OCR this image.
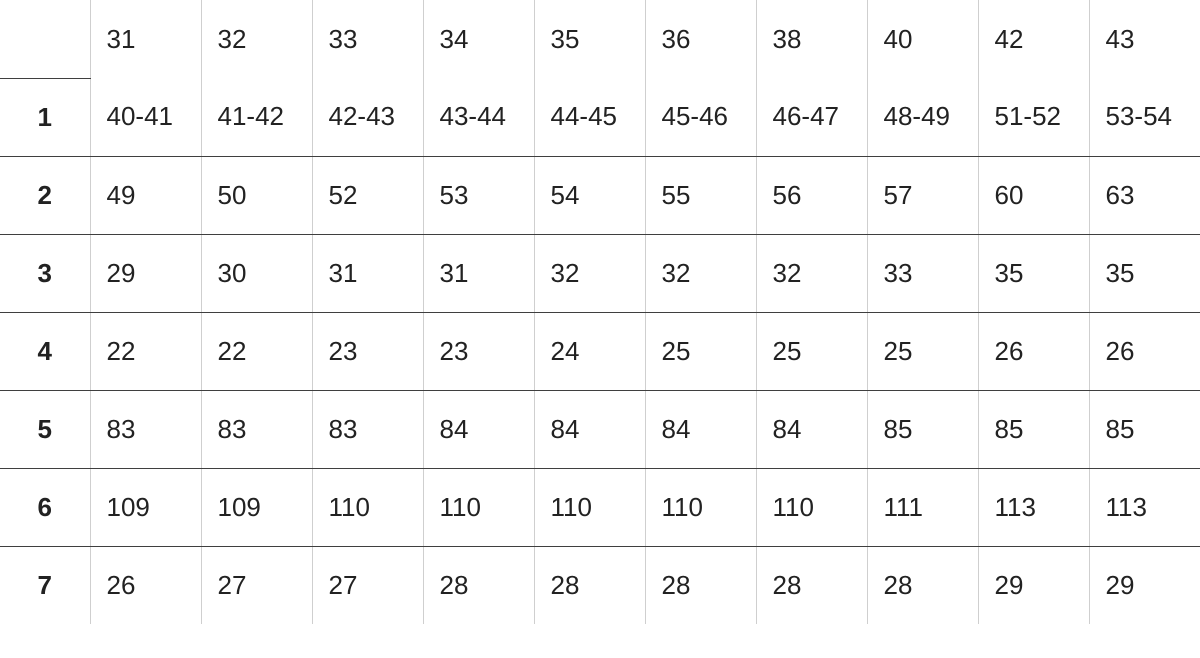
	31	32	33	34	35	36	38	40	42	43
1	40-41	41-42	42-43	43-44	44-45	45-46	46-47	48-49	51-52	53-54
2	49	50	52	53	54	55	56	57	60	63
3	29	30	31	31	32	32	32	33	35	35
4	22	22	23	23	24	25	25	25	26	26
5	83	83	83	84	84	84	84	85	85	85
6	109	109	110	110	110	110	110	111	113	113
7	26	27	27	28	28	28	28	28	29	29
